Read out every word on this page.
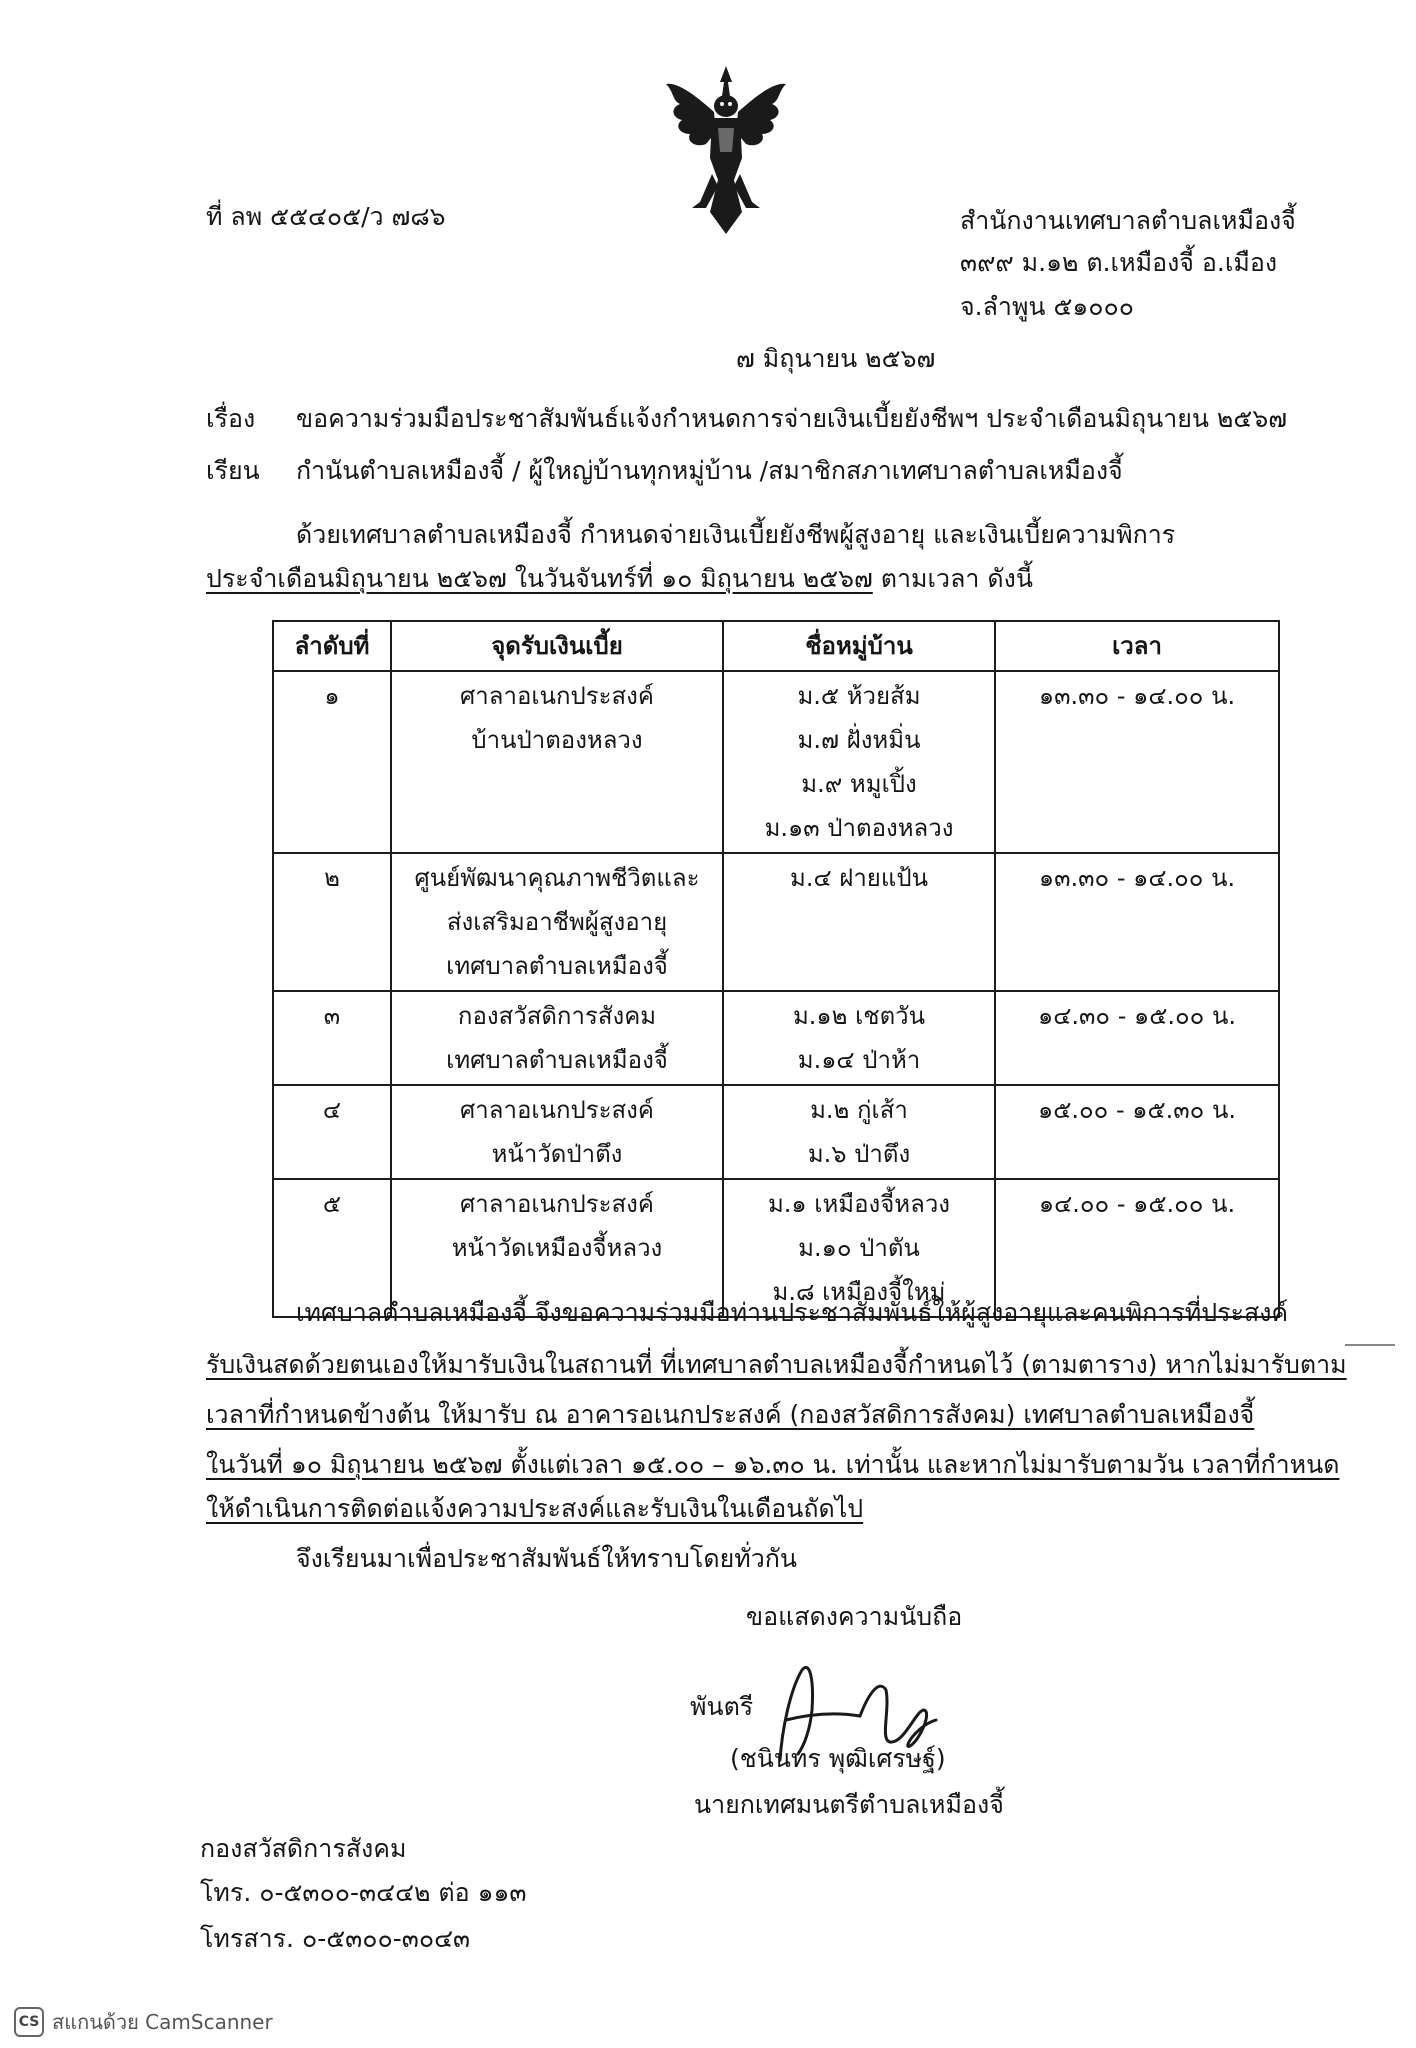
ที่ ลพ ๕๕๔๐๕/ว ๗๘๖	สำนักงานเทศบาลตำบลเหมืองจี้
๓๙๙ ม.๑๒ ต.เหมืองจี้ อ.เมือง
จ.ลำพูน ๕๑๐๐๐
๗ มิถุนายน ๒๕๖๗
เรื่อง ขอความร่วมมือประชาสัมพันธ์แจ้งกำหนดการจ่ายเงินเบี้ยยังชีพฯ ประจำเดือนมิถุนายน ๒๕๖๗
เรียน กำนันตำบลเหมืองจี้ / ผู้ใหญ่บ้านทุกหมู่บ้าน /สมาชิกสภาเทศบาลตำบลเหมืองจี้
ด้วยเทศบาลตำบลเหมืองจี้ กำหนดจ่ายเงินเบี้ยยังชีพผู้สูงอายุ และเงินเบี้ยความพิการ
ประจำเดือนมิถุนายน ๒๕๖๗ ในวันจันทร์ที่ ๑๐ มิถุนายน ๒๕๖๗ ตามเวลา ดังนี้
ลำดับที่	จุดรับเงินเบี้ย	ชื่อหมู่บ้าน	เวลา
๑	ศาลาอเนกประสงค์
บ้านป่าตองหลวง	ม.๕ ห้วยส้ม
ม.๗ ฝั่งหมิ่น
ม.๙ หมูเปิ้ง
ม.๑๓ ป่าตองหลวง	๑๓.๓๐ - ๑๔.๐๐ น.
๒	ศูนย์พัฒนาคุณภาพชีวิตและ
ส่งเสริมอาชีพผู้สูงอายุ
เทศบาลตำบลเหมืองจี้	ม.๔ ฝายแป้น	๑๓.๓๐ - ๑๔.๐๐ น.
๓	กองสวัสดิการสังคม
เทศบาลตำบลเหมืองจี้	ม.๑๒ เชตวัน
ม.๑๔ ป่าห้า	๑๔.๓๐ - ๑๕.๐๐ น.
๔	ศาลาอเนกประสงค์
หน้าวัดป่าตึง	ม.๒ กู่เส้า
ม.๖ ป่าตึง	๑๕.๐๐ - ๑๕.๓๐ น.
๕	ศาลาอเนกประสงค์
หน้าวัดเหมืองจี้หลวง	ม.๑ เหมืองจี้หลวง
ม.๑๐ ป่าตัน
ม.๘ เหมืองจี้ใหม่	๑๔.๐๐ - ๑๕.๐๐ น.
เทศบาลตำบลเหมืองจี้ จึงขอความร่วมมือท่านประชาสัมพันธ์ให้ผู้สูงอายุและคนพิการที่ประสงค์
รับเงินสดด้วยตนเองให้มารับเงินในสถานที่ ที่เทศบาลตำบลเหมืองจี้กำหนดไว้ (ตามตาราง) หากไม่มารับตาม
เวลาที่กำหนดข้างต้น ให้มารับ ณ อาคารอเนกประสงค์ (กองสวัสดิการสังคม) เทศบาลตำบลเหมืองจี้
ในวันที่ ๑๐ มิถุนายน ๒๕๖๗ ตั้งแต่เวลา ๑๕.๐๐ – ๑๖.๓๐ น. เท่านั้น และหากไม่มารับตามวัน เวลาที่กำหนด
ให้ดำเนินการติดต่อแจ้งความประสงค์และรับเงินในเดือนถัดไป
จึงเรียนมาเพื่อประชาสัมพันธ์ให้ทราบโดยทั่วกัน
ขอแสดงความนับถือ
พันตรี
(ชนินทร พุฒิเศรษฐ์)
นายกเทศมนตรีตำบลเหมืองจี้
กองสวัสดิการสังคม
โทร. ๐-๕๓๐๐-๓๔๔๒ ต่อ ๑๑๓
โทรสาร. ๐-๕๓๐๐-๓๐๔๓
CS สแกนด้วย CamScanner
